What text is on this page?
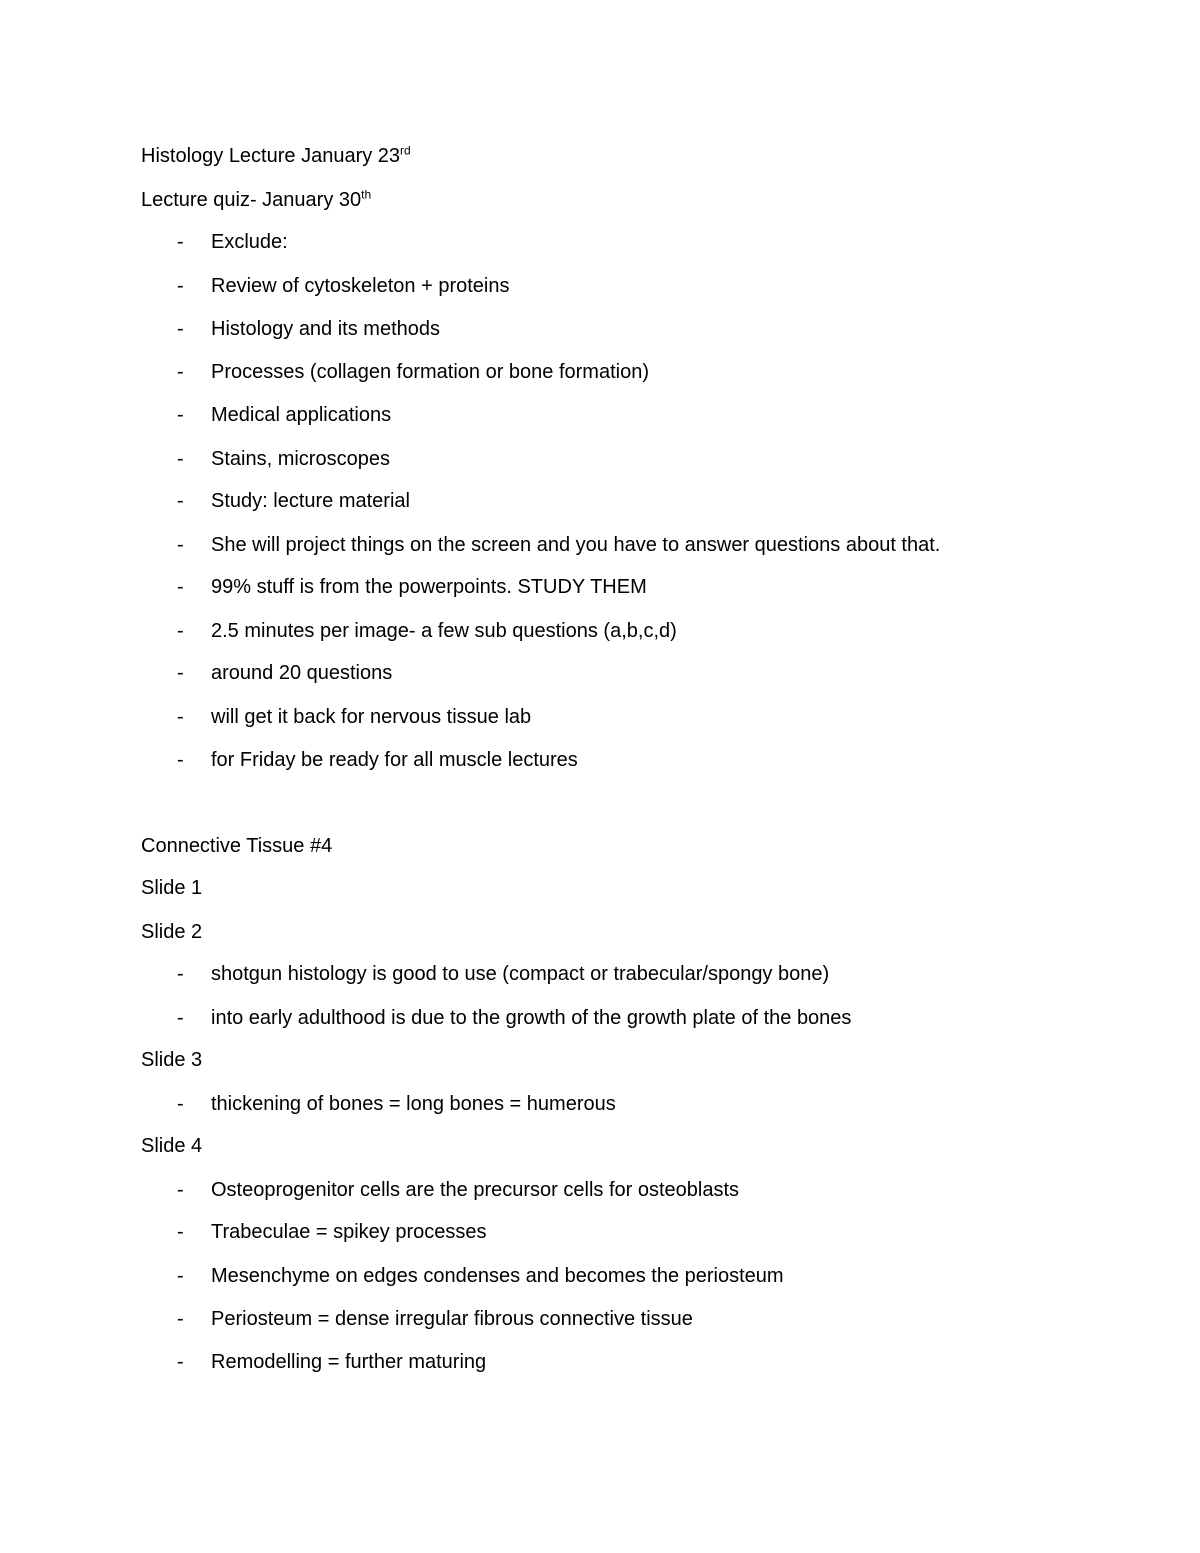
Histology Lecture January 23rd
Lecture quiz- January 30th
- Exclude:
- Review of cytoskeleton + proteins
- Histology and its methods
- Processes (collagen formation or bone formation)
- Medical applications
- Stains, microscopes
- Study: lecture material
- She will project things on the screen and you have to answer questions about that.
- 99% stuff is from the powerpoints. STUDY THEM
- 2.5 minutes per image- a few sub questions (a,b,c,d)
- around 20 questions
- will get it back for nervous tissue lab
- for Friday be ready for all muscle lectures
Connective Tissue #4
Slide 1
Slide 2
- shotgun histology is good to use (compact or trabecular/spongy bone)
- into early adulthood is due to the growth of the growth plate of the bones
Slide 3
- thickening of bones = long bones = humerous
Slide 4
- Osteoprogenitor cells are the precursor cells for osteoblasts
- Trabeculae = spikey processes
- Mesenchyme on edges condenses and becomes the periosteum
- Periosteum = dense irregular fibrous connective tissue
- Remodelling = further maturing
